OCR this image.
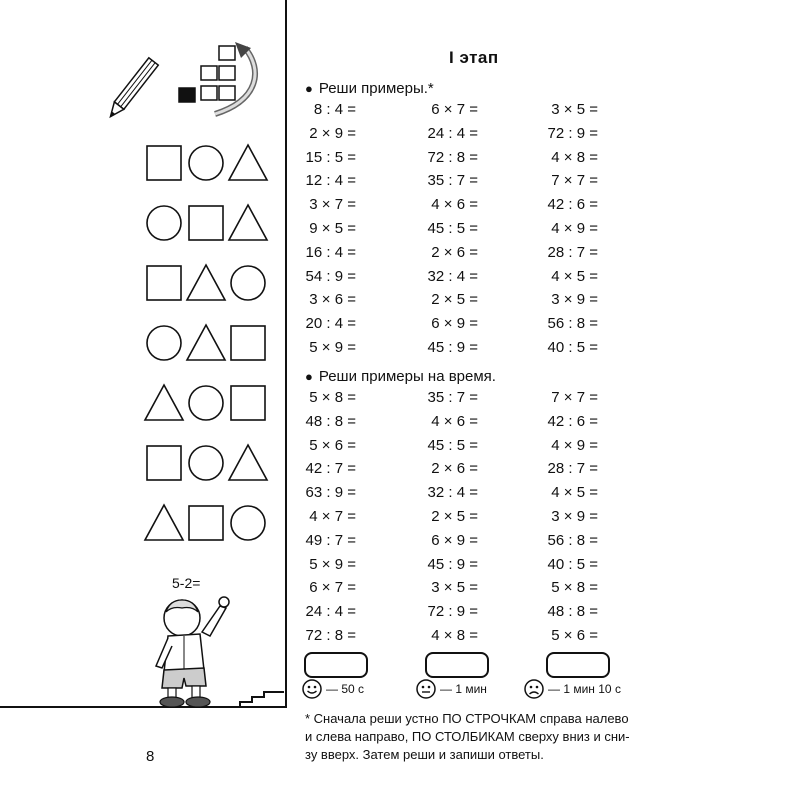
5-2=
I этап
● Реши примеры.*
8 : 4 =	6 × 7 =	3 × 5 =
2 × 9 =	24 : 4 =	72 : 9 =
15 : 5 =	72 : 8 =	4 × 8 =
12 : 4 =	35 : 7 =	7 × 7 =
3 × 7 =	4 × 6 =	42 : 6 =
9 × 5 =	45 : 5 =	4 × 9 =
16 : 4 =	2 × 6 =	28 : 7 =
54 : 9 =	32 : 4 =	4 × 5 =
3 × 6 =	2 × 5 =	3 × 9 =
20 : 4 =	6 × 9 =	56 : 8 =
5 × 9 =	45 : 9 =	40 : 5 =
● Реши примеры на время.
5 × 8 =	35 : 7 =	7 × 7 =
48 : 8 =	4 × 6 =	42 : 6 =
5 × 6 =	45 : 5 =	4 × 9 =
42 : 7 =	2 × 6 =	28 : 7 =
63 : 9 =	32 : 4 =	4 × 5 =
4 × 7 =	2 × 5 =	3 × 9 =
49 : 7 =	6 × 9 =	56 : 8 =
5 × 9 =	45 : 9 =	40 : 5 =
6 × 7 =	3 × 5 =	5 × 8 =
24 : 4 =	72 : 9 =	48 : 8 =
72 : 8 =	4 × 8 =	5 × 6 =
— 50 с	— 1 мин	— 1 мин 10 с
* Сначала реши устно ПО СТРОЧКАМ справа налево
и слева направо, ПО СТОЛБИКАМ сверху вниз и сни-
зу вверх. Затем реши и запиши ответы.
8
